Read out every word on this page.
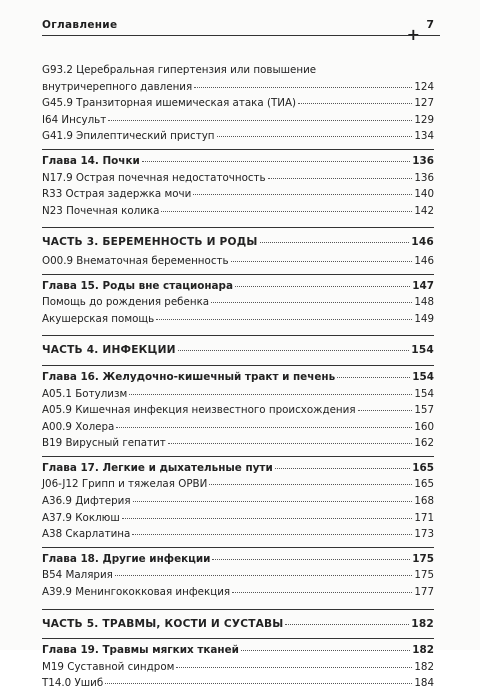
Оглавление	+
7
G93.2 Церебральная гипертензия или повышение
внутричерепного давления	124
G45.9 Транзиторная ишемическая атака (ТИА)	127
I64 Инсульт	129
G41.9 Эпилептический приступ	134
Глава 14. Почки	136
N17.9 Острая почечная недостаточность	136
R33 Острая задержка мочи	140
N23 Почечная колика	142
ЧАСТЬ 3. БЕРЕМЕННОСТЬ И РОДЫ	146
O00.9 Внематочная беременность	146
Глава 15. Роды вне стационара	147
Помощь до рождения ребенка	148
Акушерская помощь	149
ЧАСТЬ 4. ИНФЕКЦИИ	154
Глава 16. Желудочно-кишечный тракт и печень	154
A05.1 Ботулизм	154
A05.9 Кишечная инфекция неизвестного происхождения	157
A00.9 Холера	160
B19 Вирусный гепатит	162
Глава 17. Легкие и дыхательные пути	165
J06-J12 Грипп и тяжелая ОРВИ	165
A36.9 Дифтерия	168
A37.9 Коклюш	171
A38 Скарлатина	173
Глава 18. Другие инфекции	175
B54 Малярия	175
A39.9 Менингококковая инфекция	177
ЧАСТЬ 5. ТРАВМЫ, КОСТИ И СУСТАВЫ	182
Глава 19. Травмы мягких тканей	182
M19 Суставной синдром	182
T14.0 Ушиб	184
